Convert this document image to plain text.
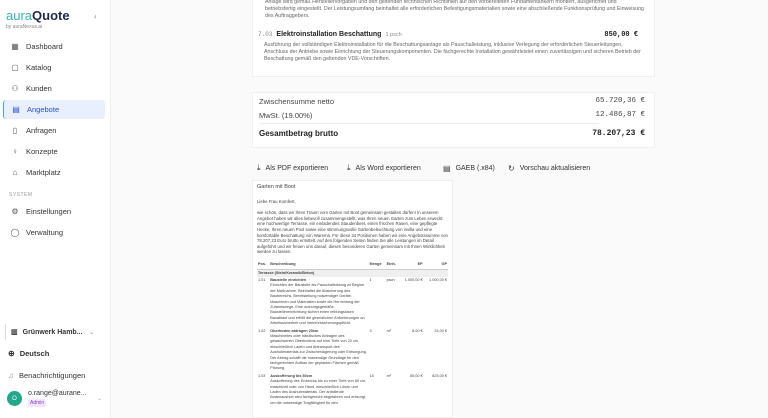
auraQuote
by auraNexus.ai
‹
▦ Dashboard
▢ Katalog
⚇ Kunden
▤ Angebote
▯	Anfragen
♀ Konzepte
⌂	Marktplatz
SYSTEM
⚙ Einstellungen
◯ Verwaltung
▥ Grünwerk Hamb... ⌄
⊕ Deutsch
♫ Benachrichtigungen
O
o.range@aurane...
Admin
⌄
Anlage wird gemäß Herstellervorgaben und den geltenden technischen Richtlinien auf den vorbereiteten Fundamentankern montiert, ausgerichtet und betriebsfertig eingestellt. Der Leistungsumfang beinhaltet alle erforderlichen Befestigungsmaterialien sowie eine abschließende Funktionsprüfung und Einweisung des Auftraggebers.
7.03 Elektroinstallation Beschattung 1 psch	850,00 €
Ausführung der vollständigen Elektroinstallation für die Beschattungsanlage als Pauschalleistung, inklusive Verlegung der erforderlichen Steuerleitungen, Anschluss der Antriebe sowie Einrichtung der Steuerungskomponenten. Die fachgerechte Installation gewährleistet einen zuverlässigen und sicheren Betrieb der Beschattung gemäß den geltenden VDE-Vorschriften.
Zwischensumme netto	65.720,36 €
MwSt. (19.00%)	12.486,87 €
Gesamtbetrag brutto	78.207,23 €
⤓ Als PDF exportieren ⤓ Als Word exportieren	▤ GAEB (.x84) ↻ Vorschau aktualisieren
Garten mit Boot
Liebe Frau Komfest,
wie schön, dass wir Ihren Traum vom Garten mit Boot gemeinsam gestalten dürfen! In unserem Angebot haben wir alles liebevoll zusammengestellt, was Ihren neuen Garten zum Leben erweckt: eine hochwertige Terrasse, ein einladendes Staudenbeet, einen frischen Rasen, eine gepflegte Hecke, Ihren neuen Pool sowie eine stimmungsvolle Gartenbeleuchtung von invilla und eine komfortable Beschattung von Warema. Für diese 34 Positionen haben wir eine Angebotssumme von 78.207,23 Euro brutto ermittelt. Auf den folgenden Seiten finden Sie alle Leistungen im Detail aufgeführt und wir freuen uns darauf, diesen besonderen Garten gemeinsam mit Ihnen Wirklichkeit werden zu lassen.
Pos.	Beschreibung	Menge	Einh.	EP	GP
Terrasse (Stein/Keramik/Beton)					
1.01	Baustelle einrichten
Einrichten der Baustelle als Pauschalleistung zu Beginn der Maßnahme. Beinhaltet die Absicherung des Baubereichs, Bereitstellung notwendiger Geräte, Maschinen und Materialien sowie die Herrichtung der Zufahrtswege. Eine ordnungsgemäße Baustelleneinrichtung sichert einen reibungslosen Bauablauf und erfüllt die gesetzlichen Anforderungen an Arbeitssicherheit und Verkehrssicherungspflicht.	1	psch	1.000,00 €	1.000,00 €
1.02	Oberboden abtragen 20cm
Maschinelles oder händisches Abtragen des gewachsenen Oberbodens auf eine Tiefe von 20 cm, einschließlich Laden und Abtransport des Aushubmaterials zur Zwischenlagerung oder Entsorgung. Der Abtrag schafft die notwendige Grundlage für den fachgerechten Aufbau der geplanten Flächen gemäß Planung.	3	m²	8,00 €	24,00 €
1.03	Auskofferung bis 80cm
Auskofferung des Erdreichs bis zu einer Tiefe von 80 cm, maschinell oder von Hand, einschließlich Lösen und Laden des Aushubmaterials. Der anfallende Bodenaushub wird fachgerecht abgefahren und entsorgt, um die notwendige Tragfähigkeit für den	15	m³	55,00 €	825,00 €
